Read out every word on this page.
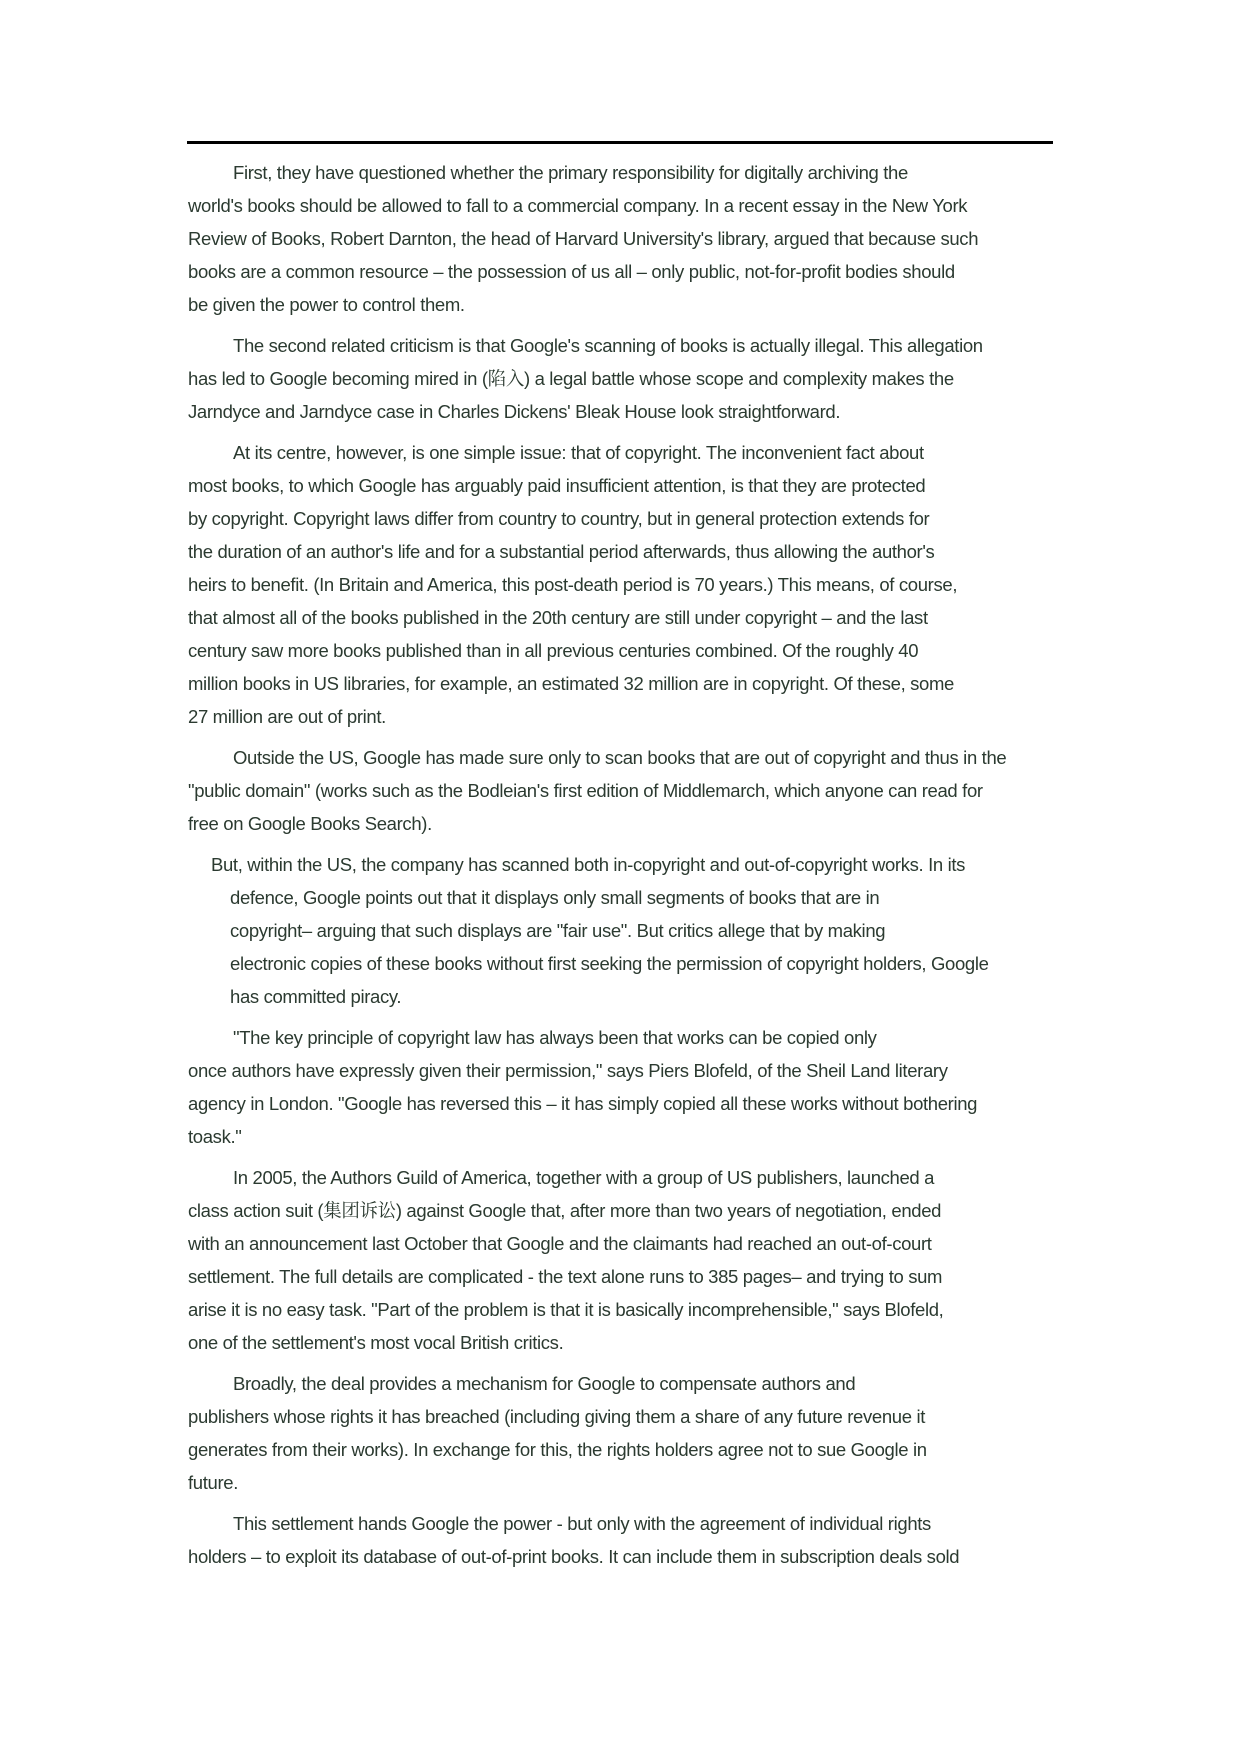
First, they have questioned whether the primary responsibility for digitally archiving the
world's books should be allowed to fall to a commercial company. In a recent essay in the New York
Review of Books, Robert Darnton, the head of Harvard University's library, argued that because such
books are a common resource – the possession of us all – only public, not-for-profit bodies should
be given the power to control them.
The second related criticism is that Google's scanning of books is actually illegal. This allegation
has led to Google becoming mired in (陷入) a legal battle whose scope and complexity makes the
Jarndyce and Jarndyce case in Charles Dickens' Bleak House look straightforward.
At its centre, however, is one simple issue: that of copyright. The inconvenient fact about
most books, to which Google has arguably paid insufficient attention, is that they are protected
by copyright. Copyright laws differ from country to country, but in general protection extends for
the duration of an author's life and for a substantial period afterwards, thus allowing the author's
heirs to benefit. (In Britain and America, this post-death period is 70 years.) This means, of course,
that almost all of the books published in the 20th century are still under copyright – and the last
century saw more books published than in all previous centuries combined. Of the roughly 40
million books in US libraries, for example, an estimated 32 million are in copyright. Of these, some
27 million are out of print.
Outside the US, Google has made sure only to scan books that are out of copyright and thus in the
"public domain" (works such as the Bodleian's first edition of Middlemarch, which anyone can read for
free on Google Books Search).
But, within the US, the company has scanned both in-copyright and out-of-copyright works. In its
defence, Google points out that it displays only small segments of books that are in
copyright– arguing that such displays are "fair use". But critics allege that by making
electronic copies of these books without first seeking the permission of copyright holders, Google
has committed piracy.
"The key principle of copyright law has always been that works can be copied only
once authors have expressly given their permission," says Piers Blofeld, of the Sheil Land literary
agency in London. "Google has reversed this – it has simply copied all these works without bothering
toask."
In 2005, the Authors Guild of America, together with a group of US publishers, launched a
class action suit (集团诉讼) against Google that, after more than two years of negotiation, ended
with an announcement last October that Google and the claimants had reached an out-of-court
settlement. The full details are complicated - the text alone runs to 385 pages– and trying to sum
arise it is no easy task. "Part of the problem is that it is basically incomprehensible," says Blofeld,
one of the settlement's most vocal British critics.
Broadly, the deal provides a mechanism for Google to compensate authors and
publishers whose rights it has breached (including giving them a share of any future revenue it
generates from their works). In exchange for this, the rights holders agree not to sue Google in
future.
This settlement hands Google the power - but only with the agreement of individual rights
holders – to exploit its database of out-of-print books. It can include them in subscription deals sold
